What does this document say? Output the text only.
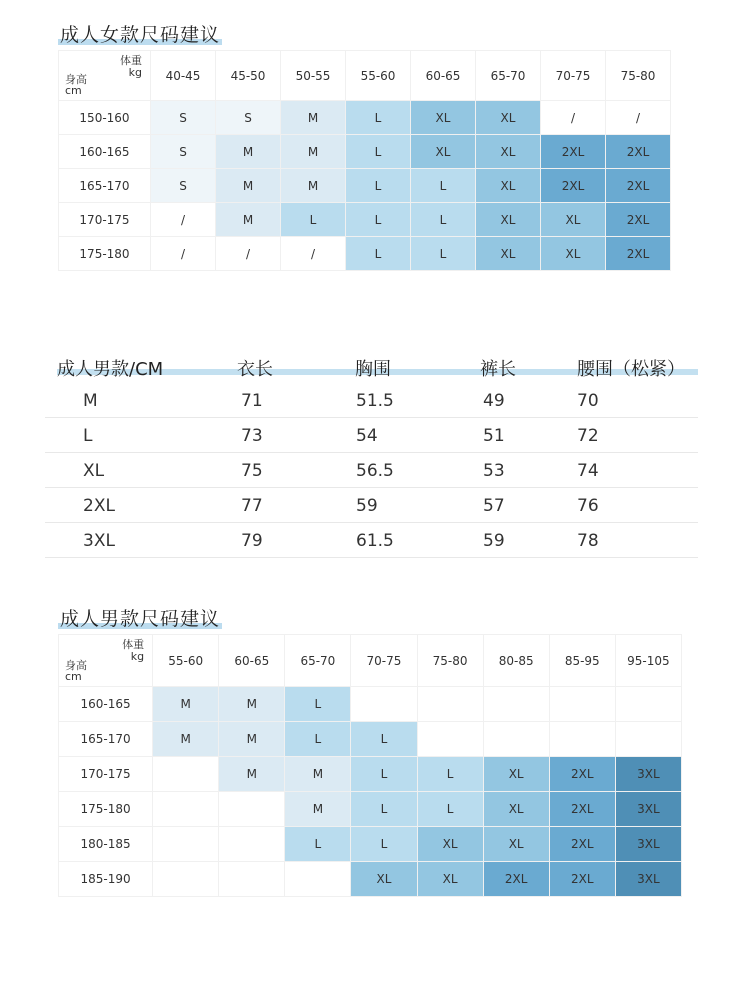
成人女款尺码建议
体重
kg
身高
cm	40-45	45-50	50-55	55-60	60-65	65-70	70-75	75-80
150-160	S	S	M	L	XL	XL	/	/
160-165	S	M	M	L	XL	XL	2XL	2XL
165-170	S	M	M	L	L	XL	2XL	2XL
170-175	/	M	L	L	L	XL	XL	2XL
175-180	/	/	/	L	L	XL	XL	2XL
成人男款/CM	衣长	胸围	裤长	腰围（松紧）
M	71	51.5	49	70
L	73	54	51	72
XL	75	56.5	53	74
2XL	77	59	57	76
3XL	79	61.5	59	78
成人男款尺码建议
体重
kg
身高
cm	55-60	60-65	65-70	70-75	75-80	80-85	85-95	95-105
160-165	M	M	L					
165-170	M	M	L	L				
170-175		M	M	L	L	XL	2XL	3XL
175-180			M	L	L	XL	2XL	3XL
180-185			L	L	XL	XL	2XL	3XL
185-190				XL	XL	2XL	2XL	3XL
